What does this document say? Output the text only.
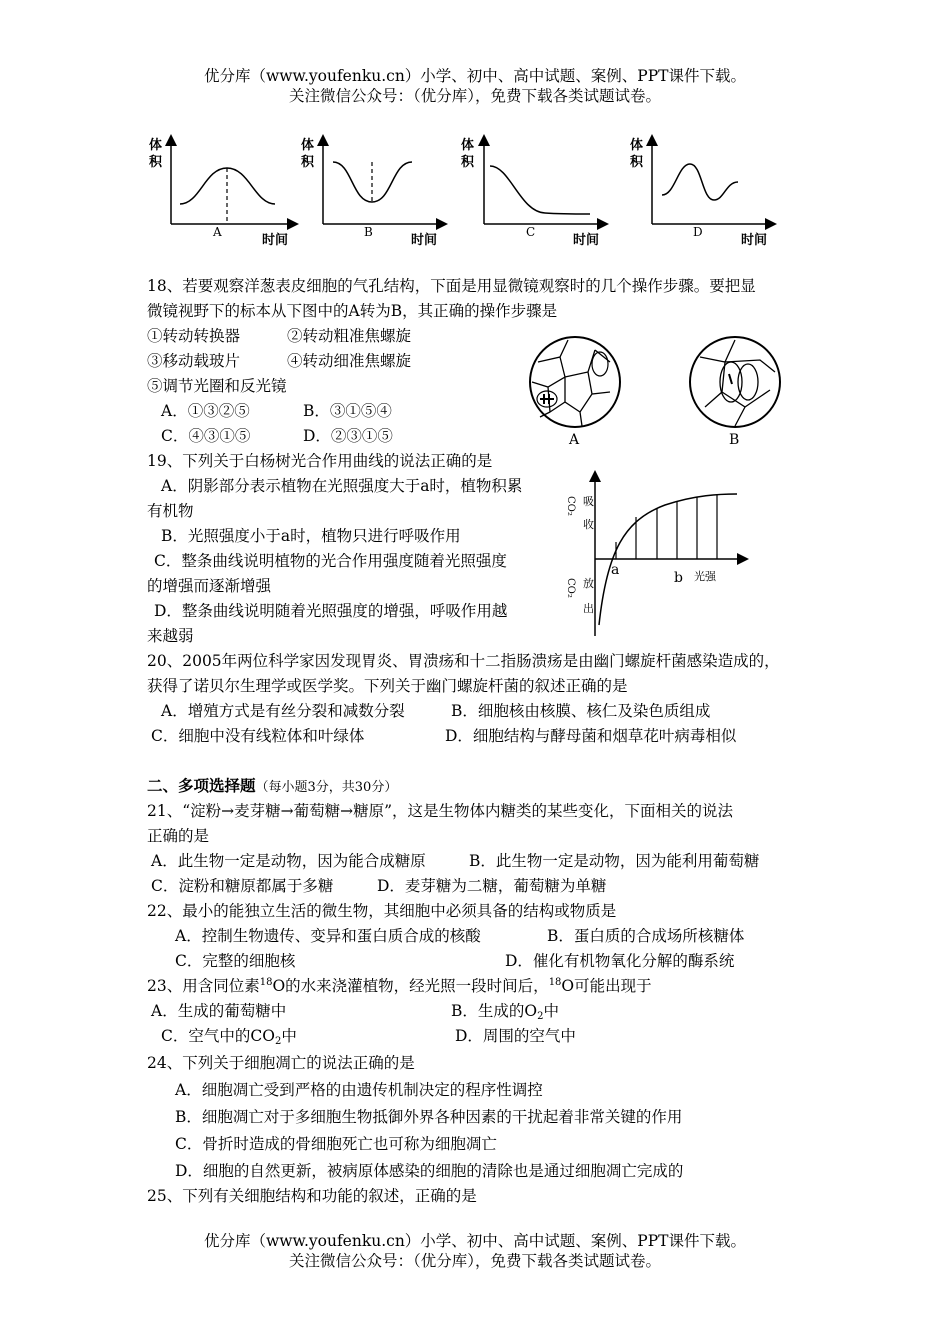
优分库（www.youfenku.cn）小学、初中、高中试题、案例、PPT课件下载。
关注微信公众号：（优分库），免费下载各类试题试卷。
体
积
A
时间
体
积
B
时间
体
积
C
时间
体
积
D
时间
18、若要观察洋葱表皮细胞的气孔结构，下面是用显微镜观察时的几个操作步骤。要把显
微镜视野下的标本从下图中的A转为B，其正确的操作步骤是
①转动转换器	②转动粗准焦螺旋
③移动载玻片	④转动细准焦螺旋
⑤调节光圈和反光镜
A．①③②⑤	B．③①⑤④
C．④③①⑤	D．②③①⑤	A	B
19、下列关于白杨树光合作用曲线的说法正确的是
A．阴影部分表示植物在光照强度大于a时，植物积累
有机物
B．光照强度小于a时，植物只进行呼吸作用
C．整条曲线说明植物的光合作用强度随着光照强度
的增强而逐渐增强
D．整条曲线说明随着光照强度的增强，呼吸作用越
来越弱
吸
收
放
出
CO₂
CO₂
a	b 光强
20、2005年两位科学家因发现胃炎、胃溃疡和十二指肠溃疡是由幽门螺旋杆菌感染造成的，
获得了诺贝尔生理学或医学奖。下列关于幽门螺旋杆菌的叙述正确的是
A．增殖方式是有丝分裂和减数分裂	B．细胞核由核膜、核仁及染色质组成
C．细胞中没有线粒体和叶绿体	D．细胞结构与酵母菌和烟草花叶病毒相似
二、多项选择题（每小题3分，共30分）
21、“淀粉→麦芽糖→葡萄糖→糖原”，这是生物体内糖类的某些变化，下面相关的说法
正确的是
A．此生物一定是动物，因为能合成糖原	B．此生物一定是动物，因为能利用葡萄糖
C．淀粉和糖原都属于多糖	D．麦芽糖为二糖，葡萄糖为单糖
22、最小的能独立生活的微生物，其细胞中必须具备的结构或物质是
A．控制生物遗传、变异和蛋白质合成的核酸	B．蛋白质的合成场所核糖体
C．完整的细胞核	D．催化有机物氧化分解的酶系统
23、用含同位素$^{18}$O的水来浇灌植物，经光照一段时间后，$^{18}$O可能出现于
A．生成的葡萄糖中	B．生成的$O_2$中
C．空气中的$CO_2$中	D．周围的空气中
24、下列关于细胞凋亡的说法正确的是
A．细胞凋亡受到严格的由遗传机制决定的程序性调控
B．细胞凋亡对于多细胞生物抵御外界各种因素的干扰起着非常关键的作用
C．骨折时造成的骨细胞死亡也可称为细胞凋亡
D．细胞的自然更新，被病原体感染的细胞的清除也是通过细胞凋亡完成的
25、下列有关细胞结构和功能的叙述，正确的是
优分库（www.youfenku.cn）小学、初中、高中试题、案例、PPT课件下载。
关注微信公众号：（优分库），免费下载各类试题试卷。
